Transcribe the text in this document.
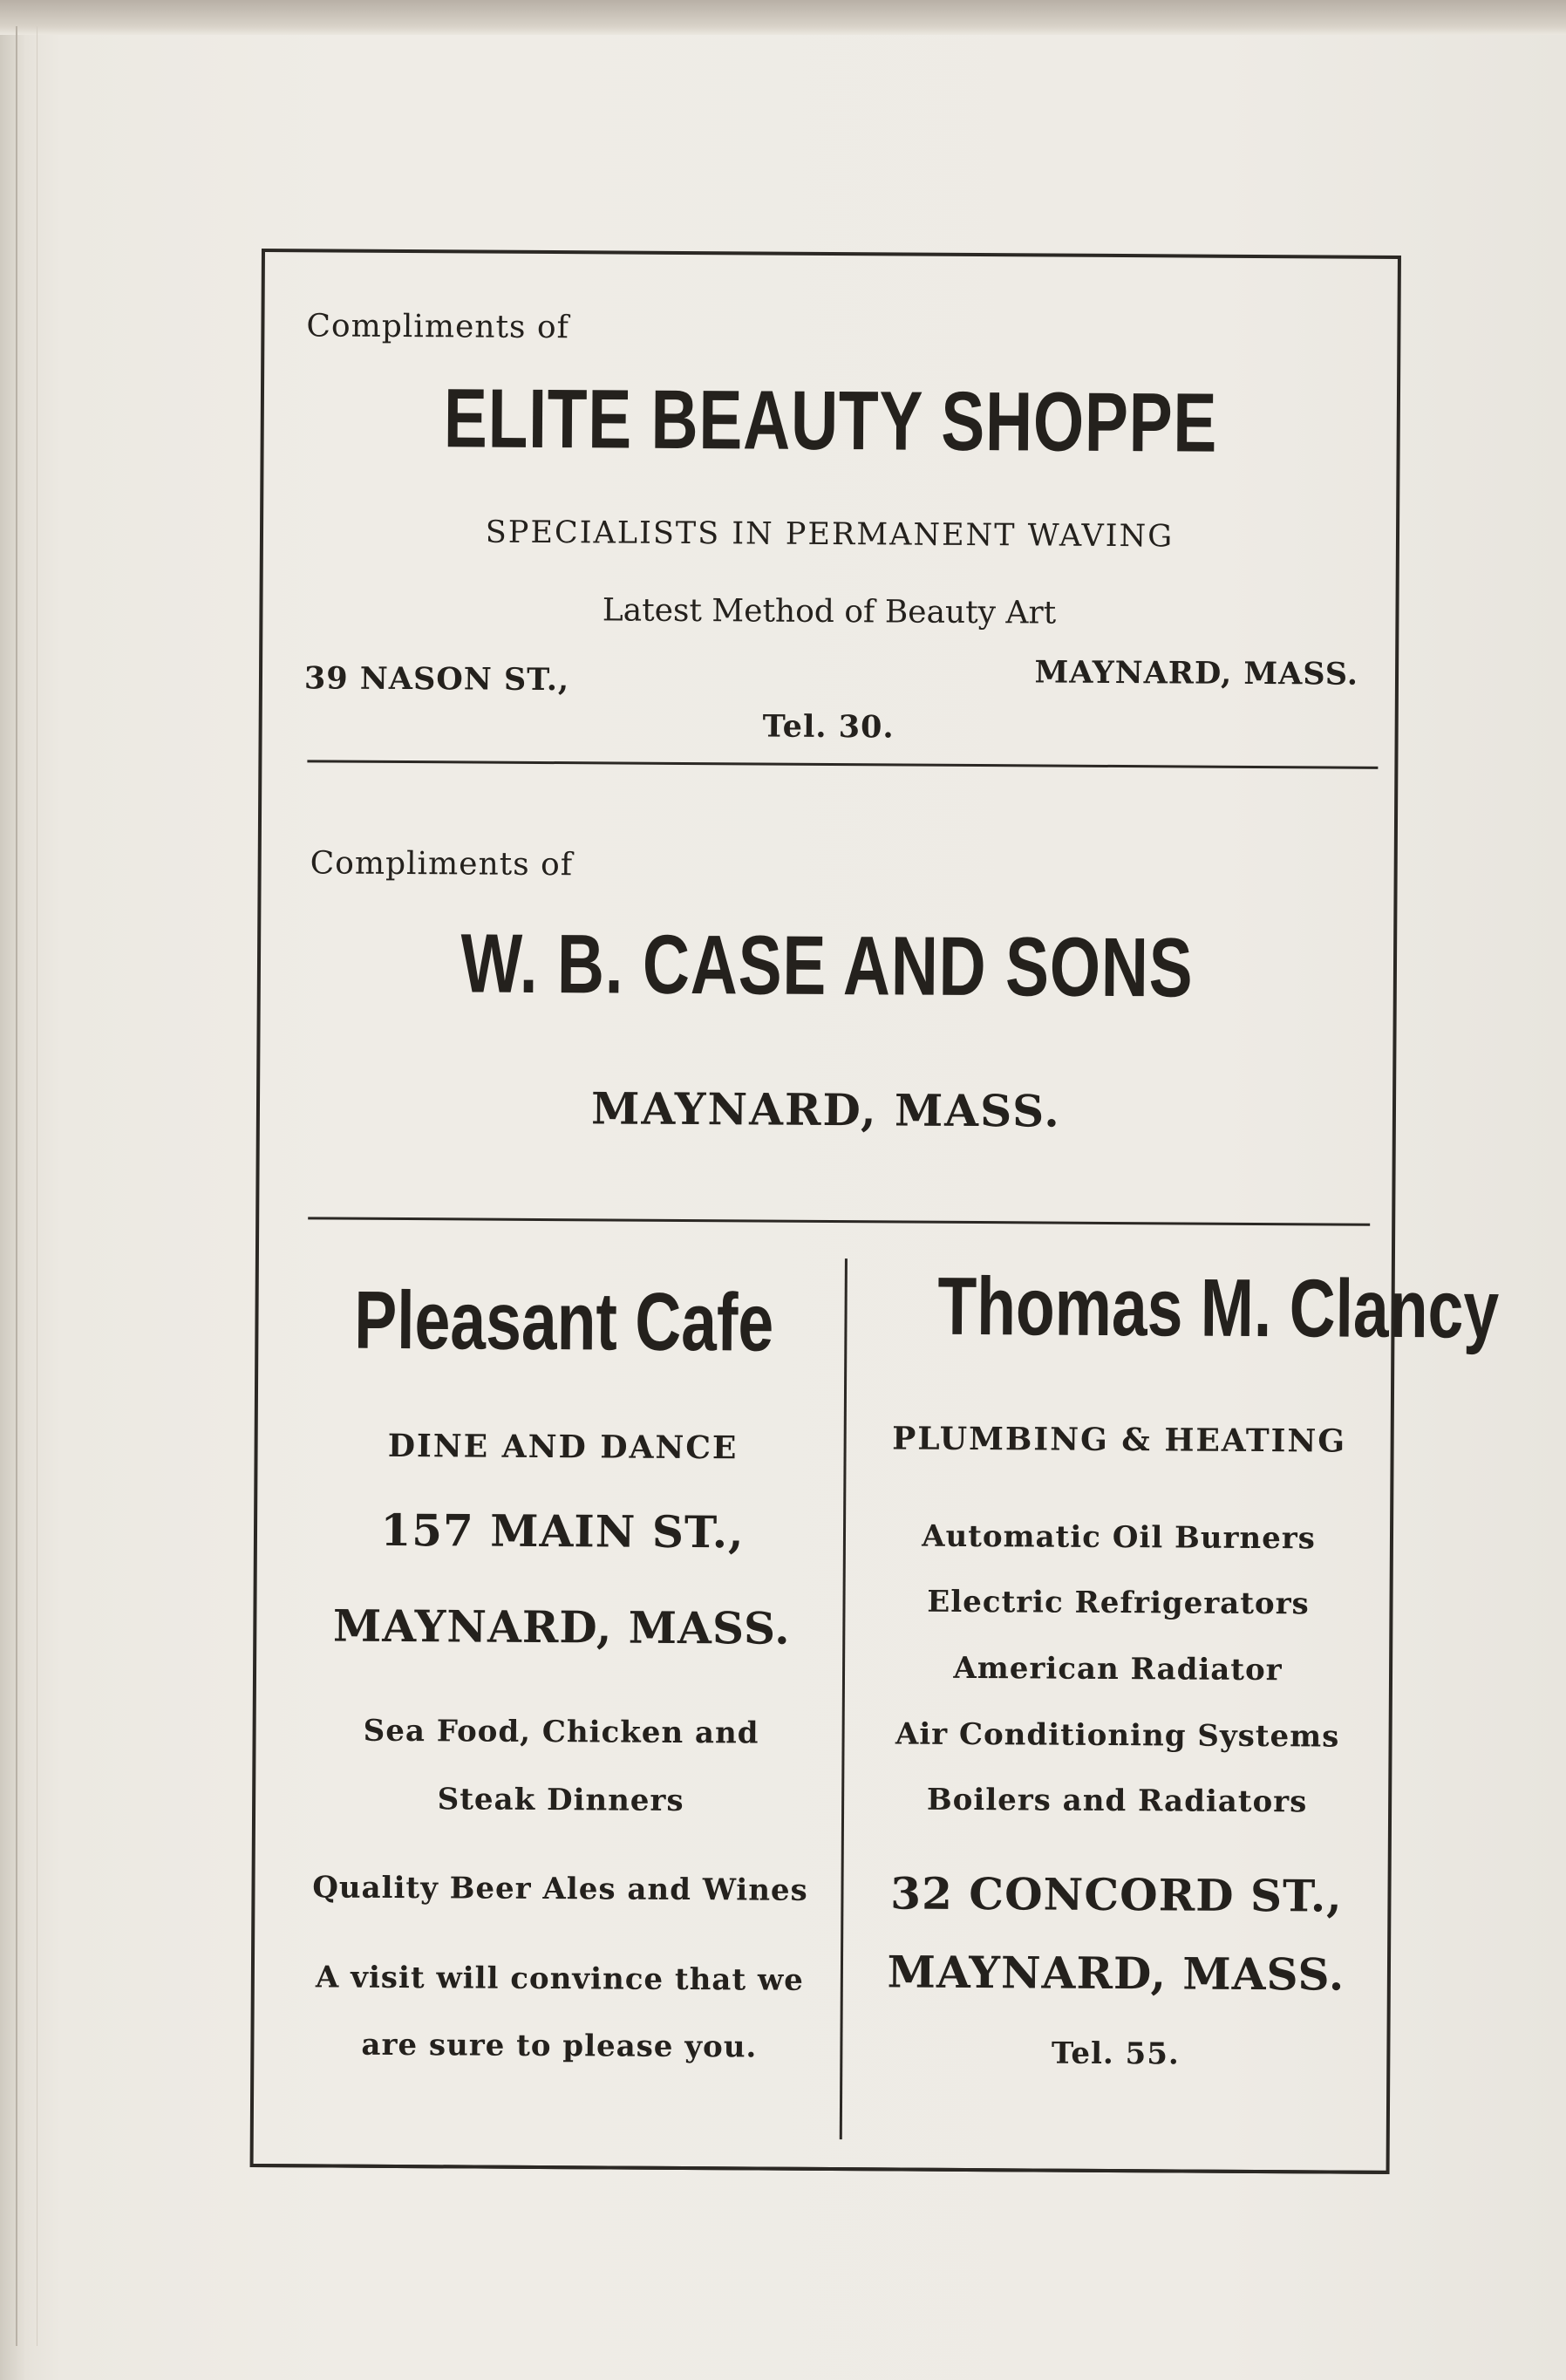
Compliments of

ELITE BEAUTY SHOPPE

SPECIALISTS IN PERMANENT WAVING

Latest Method of Beauty Art

39 NASON ST.,	MAYNARD, MASS.

Tel. 30.

Compliments of

W. B. CASE AND SONS

MAYNARD, MASS.

Pleasant Cafe

DINE AND DANCE

157 MAIN ST.,

MAYNARD, MASS.

Sea Food, Chicken and

Steak Dinners

Quality Beer Ales and Wines

A visit will convince that we

are sure to please you.

Thomas M. Clancy

PLUMBING & HEATING

Automatic Oil Burners

Electric Refrigerators

American Radiator

Air Conditioning Systems

Boilers and Radiators

32 CONCORD ST.,

MAYNARD, MASS.

Tel. 55.
